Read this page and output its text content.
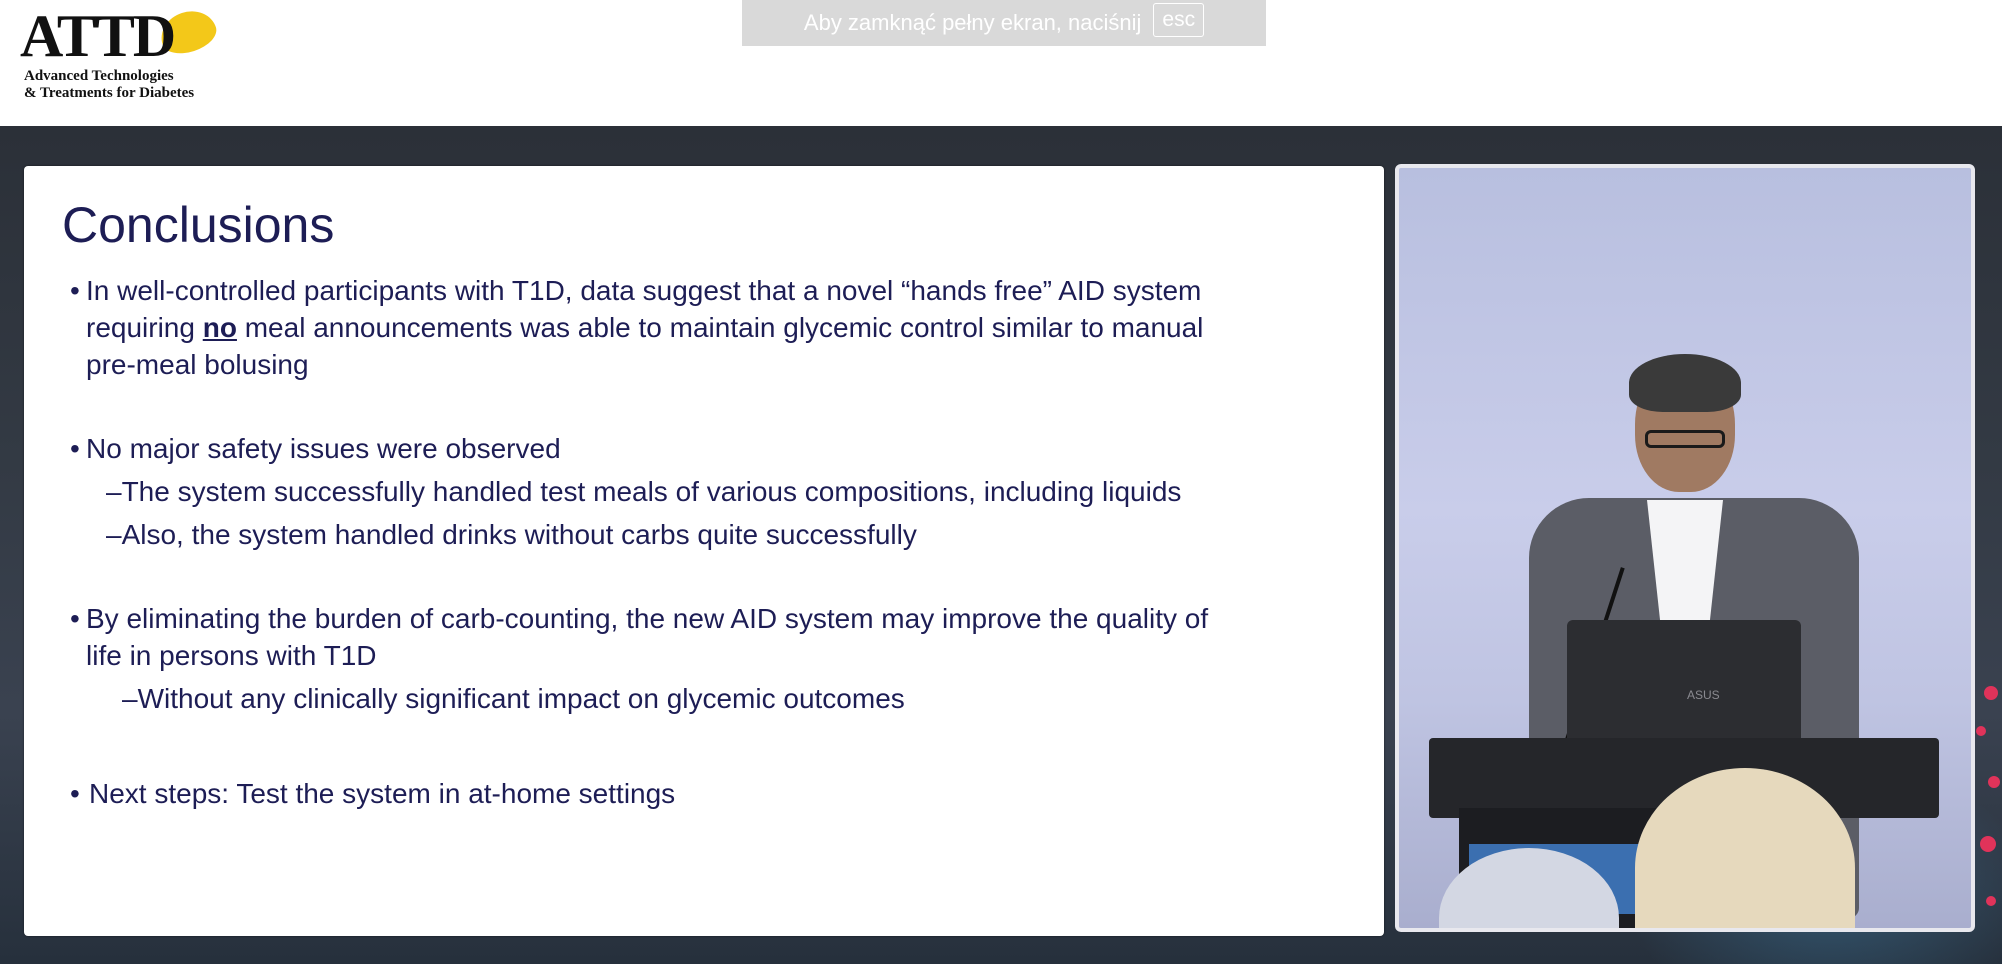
ATTD
Advanced Technologies
& Treatments for Diabetes
Aby zamknąć pełny ekran, naciśnij	esc
Conclusions
• In well-controlled participants with T1D, data suggest that a novel “hands free” AID system
requiring no meal announcements was able to maintain glycemic control similar to manual
pre-meal bolusing
• No major safety issues were observed
–The system successfully handled test meals of various compositions, including liquids
–Also, the system handled drinks without carbs quite successfully
• By eliminating the burden of carb-counting, the new AID system may improve the quality of
life in persons with T1D
–Without any clinically significant impact on glycemic outcomes
• Next steps: Test the system in at-home settings
ASUS
